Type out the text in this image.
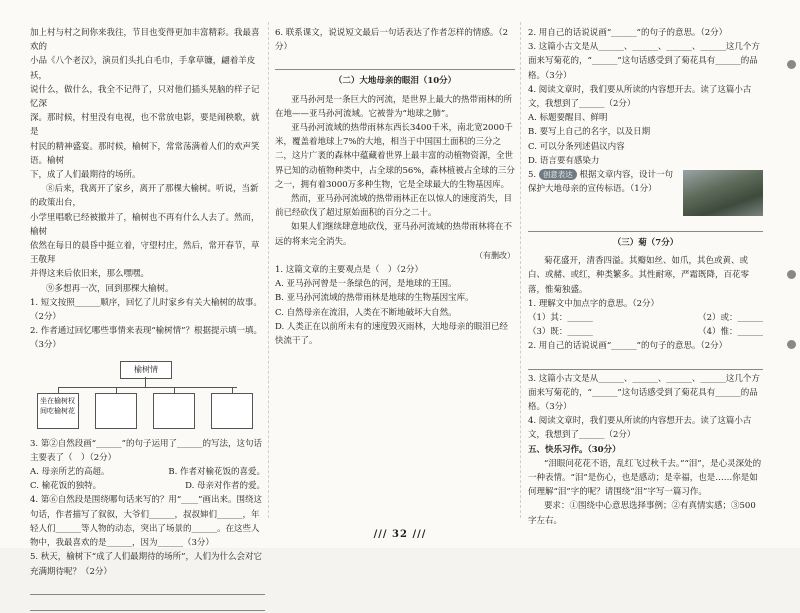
加上村与村之间你来我往，节目也变得更加丰富精彩。我最喜欢的

小品《八个老汉》，演员们头扎白毛巾，手拿草镰，翩着羊皮袄，

说什么，做什么，我全不记得了，只对他们插头晃脑的样子记忆深

深。那时候，村里没有电视，也不常放电影，要是闹秧歌，就是

村民的精神盛宴。那时候，榆树下，常常荡满着人们的欢声笑语。榆树

下，成了人们最期待的场所。

⑧后来，我离开了家乡，离开了那棵大榆树。听说，当新的政策出台，

小学里唱歌已经被撤并了，榆树也不再有什么人去了。然而，榆树

依然在每日的晨昏中挺立着，守望村庄，然后，常开春节，草王敬拜

并得这来后依旧来，那么嘿嘿。

⑨多想再一次，回到那棵大榆树。

1. 短文按照______顺序，回忆了儿时家乡有关大榆树的故事。（2分）

2. 作者通过回忆哪些事情来表现“榆树情”？根据提示填一填。（3分）

榆树情
坐在榆树权间吃榆树花

3. 第②自然段画“______”的句子运用了______的写法，这句话主要表了（　）（2分）

A. 母亲所艺的高超。	B. 作者对榆花饭的喜爱。
C. 榆花饭的独特。	D. 母亲对作者的爱。

4. 第⑥自然段是围绕哪句话来写的？用“____”画出来。围绕这句话，作者描写了叙叙，大爷们______，叔叔婶们______，年轻人们______等人物的动态，突出了场景的______。在这些人物中，我最喜欢的是______，因为______（3分）

5. 秋天，榆树下“成了人们最期待的场所”，人们为什么会对它充满期待呢？（2分）

6. 联系课文，说说短文最后一句话表达了作者怎样的情感。（2分）

（二）大地母亲的眼泪（10分）

亚马孙河是一条巨大的河流，是世界上最大的热带雨林的所在地——亚马孙河流域。它被誉为“地球之肺”。

亚马孙河流域的热带雨林东西长3400千米，南北宽2000千米，覆盖着地球上7%的大地，相当于中国国土面积的三分之二，这片广袤的森林中蕴藏着世界上最丰富的动植物资源，全世界已知的动植物种类中，占全球的56%，森林植被占全球的三分之一，拥有着3000万多种生物，它是全球最大的生物基因库。

然而，亚马孙河流域的热带雨林正在以惊人的速度消失，目前已经砍伐了超过原始面积的百分之二十。

如果人们继续肆意地砍伐，亚马孙河流域的热带雨林将在不远的将来完全消失。

（有删改）

1. 这篇文章的主要观点是（　）（2分）

A. 亚马孙河曾是一条绿色的河，是地球的王国。

B. 亚马孙河流域的热带雨林是地球的生物基因宝库。

C. 自然母亲在流泪，人类在不断地破坏大自然。

D. 人类正在以前所未有的速度毁灭雨林，大地母亲的眼泪已经快流干了。

2. 用自己的话说说画“______”的句子的意思。（2分）

3. 这篇小古文是从______、______、______、______这几个方面来写菊花的，“______”这句话感受到了菊花具有______的品格。（3分）

4. 阅读文章时，我们要从所读的内容想开去。读了这篇小古文，我想到了______（2分）

A. 标题要醒目、鲜明

B. 要写上自己的名字，以及日期

C. 可以分条列述倡议内容

D. 语言要有感染力

5. 创意表达 根据文章内容，设计一句保护大地母亲的宣传标语。（1分）

（三）菊（7分）

菊花盛开，清香四溢。其瓣如丝、如爪，其色或黄、或白、或赭、或红，种类繁多。其性耐寒，严霜既降，百花零落，惟菊独盛。

1. 理解文中加点字的意思。（2分）

（1）其：______	（2）或：______
（3）既：______	（4）惟：______

2. 用自己的话说说画“______”的句子的意思。（2分）

3. 这篇小古文是从______、______、______、______这几个方面来写菊花的，“______”这句话感受到了菊花具有______的品格。（3分）

4. 阅读文章时，我们要从所读的内容想开去。读了这篇小古文，我想到了______（2分）

五、快乐习作。（30分）

“泪眼问花花不语，乱红飞过秋千去。”“泪”，是心灵深处的一种表情。“泪”是伤心，也是感动；是幸福，也是……你是如何理解“泪”字的呢？请围绕“泪”字写一篇习作。

要求：①围绕中心意思选择事例；②有真情实感；③500字左右。

/// 32 ///
